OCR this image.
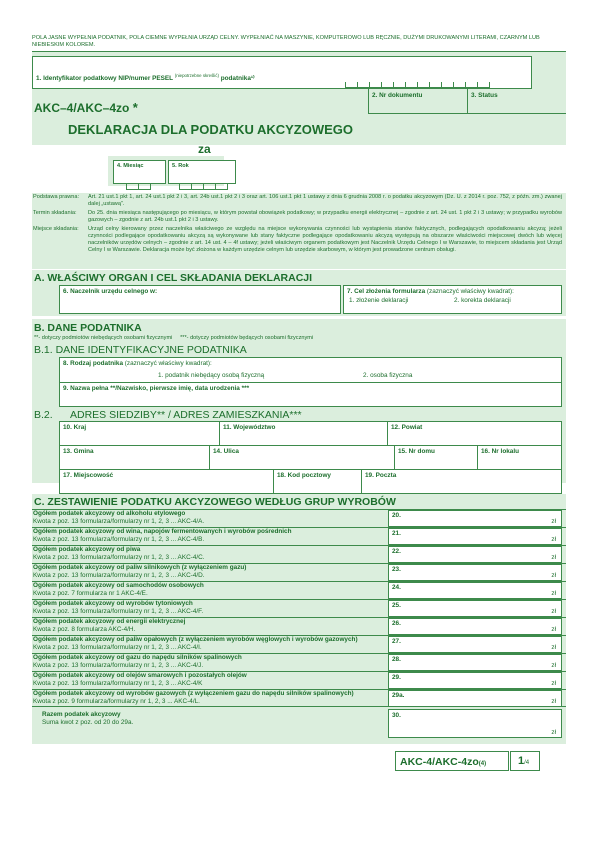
POLA JASNE WYPEŁNIA PODATNIK, POLA CIEMNE WYPEŁNIA URZĄD CELNY. WYPEŁNIAĆ NA MASZYNIE, KOMPUTEROWO LUB RĘCZNIE, DUŻYMI DRUKOWANYMI LITERAMI, CZARNYM LUB NIEBIESKIM KOLOREM.
1. Identyfikator podatkowy NIP/numer PESEL $^{(niepotrzebne skreślić)}$ podatnika¹⁾
2. Nr dokumentu	3. Status
AKC–4/AKC–4zo *
DEKLARACJA DLA PODATKU AKCYZOWEGO
za
4. Miesiąc	5. Rok
Podstawa prawna:	Art. 21 ust.1 pkt 1, art. 24 ust.1 pkt 2 i 3, art. 24b ust.1 pkt 2 i 3 oraz art. 106 ust.1 pkt 1 ustawy z dnia 6 grudnia 2008 r. o podatku akcyzowym (Dz. U. z 2014 r. poz. 752, z późn. zm.) zwanej dalej „ustawą”.
Termin składania:	Do 25. dnia miesiąca następującego po miesiącu, w którym powstał obowiązek podatkowy; w przypadku energii elektrycznej – zgodnie z art. 24 ust. 1 pkt 2 i 3 ustawy; w przypadku wyrobów gazowych – zgodnie z art. 24b ust.1 pkt 2 i 3 ustawy.
Miejsce składania:	Urząd celny kierowany przez naczelnika właściwego ze względu na miejsce wykonywania czynności lub wystąpienia stanów faktycznych, podlegających opodatkowaniu akcyzą; jeżeli czynności podlegające opodatkowaniu akcyzą są wykonywane lub stany faktyczne podlegające opodatkowaniu akcyzą występują na obszarze właściwości miejscowej dwóch lub więcej naczelników urzędów celnych – zgodnie z art. 14 ust. 4 – 4f ustawy; jeżeli właściwym organem podatkowym jest Naczelnik Urzędu Celnego I w Warszawie, to miejscem składania jest Urząd Celny I w Warszawie. Deklaracja może być złożona w każdym urzędzie celnym lub urzędzie skarbowym, w którym jest prowadzone centrum obsługi.
A. WŁAŚCIWY ORGAN I CEL SKŁADANIA DEKLARACJI
6. Naczelnik urzędu celnego w:	7. Cel złożenia formularza (zaznaczyć właściwy kwadrat):
1. złożenie deklaracji	2. korekta deklaracji
B. DANE PODATNIKA
**- dotyczy podmiotów niebędących osobami fizycznymi     ***- dotyczy podmiotów będących osobami fizycznymi
B.1. DANE IDENTYFIKACYJNE PODATNIKA
8. Rodzaj podatnika (zaznaczyć właściwy kwadrat):
1. podatnik niebędący osobą fizyczną	2. osoba fizyczna
9. Nazwa pełna **/Nazwisko, pierwsze imię, data urodzenia ***
B.2. ADRES SIEDZIBY** / ADRES ZAMIESZKANIA***
10. Kraj	11. Województwo	12. Powiat
13. Gmina	14. Ulica	15. Nr domu	16. Nr lokalu
17. Miejscowość	18. Kod pocztowy	19. Poczta
C. ZESTAWIENIE PODATKU AKCYZOWEGO WEDŁUG GRUP WYROBÓW
Ogółem podatek akcyzowy od alkoholu etylowego
Kwota z poz. 13 formularza/formularzy nr 1, 2, 3 ... AKC-4/A.
20.
zł
Ogółem podatek akcyzowy od wina, napojów fermentowanych i wyrobów pośrednich
Kwota z poz. 13 formularza/formularzy nr 1, 2, 3 ... AKC-4/B.
21.
zł
Ogółem podatek akcyzowy od piwa
Kwota z poz. 13 formularza/formularzy nr 1, 2, 3 ... AKC-4/C.
22.
zł
Ogółem podatek akcyzowy od paliw silnikowych (z wyłączeniem gazu)
Kwota z poz. 13 formularza/formularzy nr 1, 2, 3 ... AKC-4/D.
23.
zł
Ogółem podatek akcyzowy od samochodów osobowych
Kwota z poz. 7 formularza nr 1 AKC-4/E.
24.
zł
Ogółem podatek akcyzowy od wyrobów tytoniowych
Kwota z poz. 13 formularza/formularzy nr 1, 2, 3 ... AKC-4/F.
25.
zł
Ogółem podatek akcyzowy od energii elektrycznej
Kwota z poz. 8 formularza AKC-4/H.
26.
zł
Ogółem podatek akcyzowy od paliw opałowych (z wyłączeniem wyrobów węglowych i wyrobów gazowych)
Kwota z poz. 13 formularza/formularzy nr 1, 2, 3 ... AKC-4/I.
27.
zł
Ogółem podatek akcyzowy od gazu do napędu silników spalinowych
Kwota z poz. 13 formularza/formularzy nr 1, 2, 3 ... AKC-4/J.
28.
zł
Ogółem podatek akcyzowy od olejów smarowych i pozostałych olejów
Kwota z poz. 13 formularza/formularzy nr 1, 2, 3 ... AKC-4/K
29.
zł
Ogółem podatek akcyzowy od wyrobów gazowych (z wyłączeniem gazu do napędu silników spalinowych)
Kwota z poz. 9 formularza/formularzy nr 1, 2, 3 ... AKC-4/L.
29a.
zł
Razem podatek akcyzowy
Suma kwot z poz. od 20 do 29a.
30.
zł
AKC-4/AKC-4zo(4)	1/4
